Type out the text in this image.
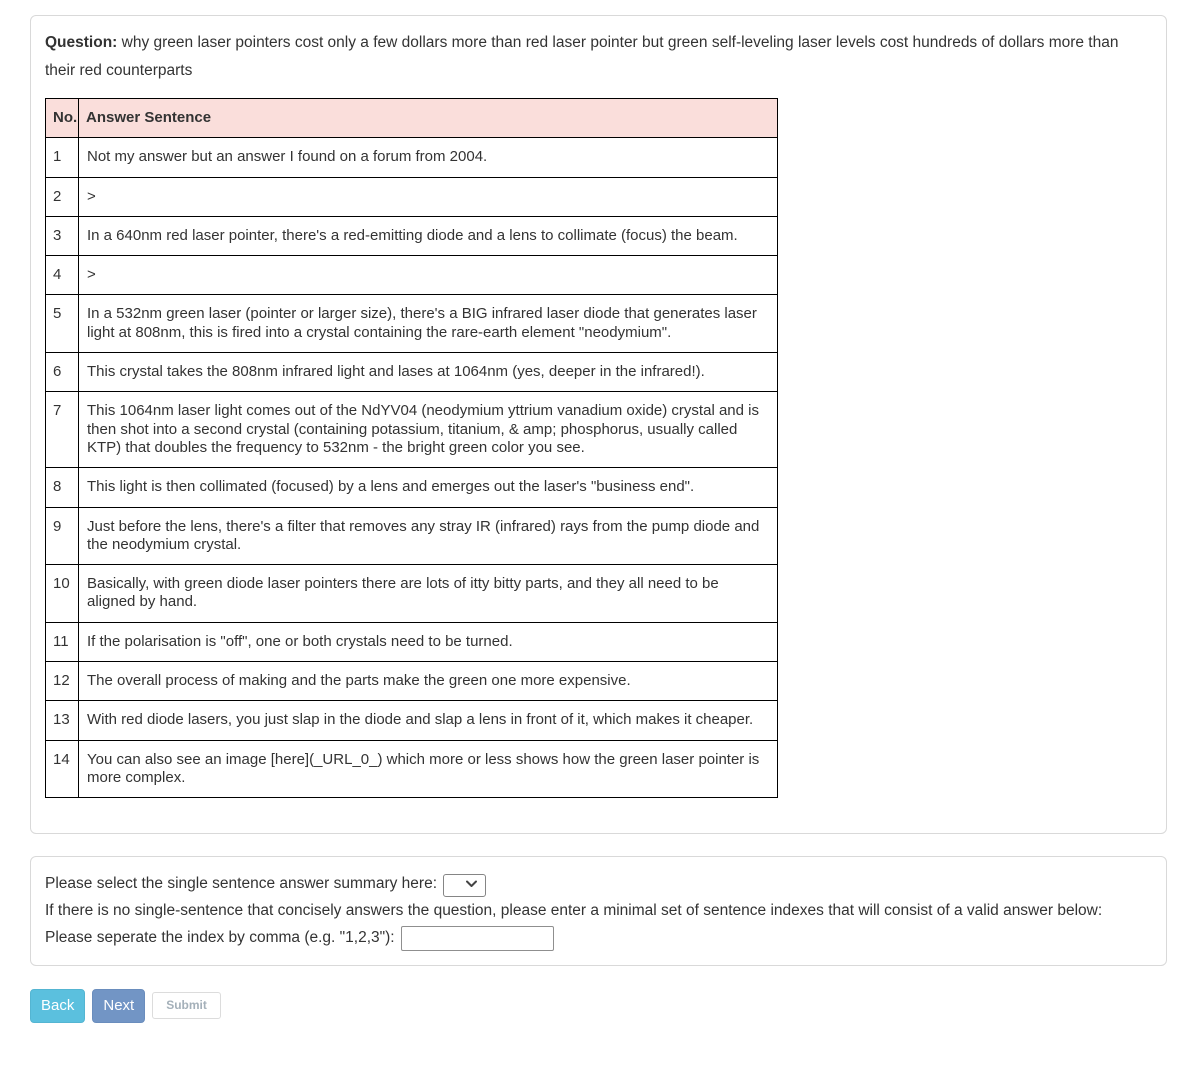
Question: why green laser pointers cost only a few dollars more than red laser pointer but green self-leveling laser levels cost hundreds of dollars more than their red counterparts

No.	Answer Sentence
1	Not my answer but an answer I found on a forum from 2004.
2	>
3	In a 640nm red laser pointer, there's a red-emitting diode and a lens to collimate (focus) the beam.
4	>
5	In a 532nm green laser (pointer or larger size), there's a BIG infrared laser diode that generates laser light at 808nm, this is fired into a crystal containing the rare-earth element "neodymium".
6	This crystal takes the 808nm infrared light and lases at 1064nm (yes, deeper in the infrared!).
7	This 1064nm laser light comes out of the NdYV04 (neodymium yttrium vanadium oxide) crystal and is then shot into a second crystal (containing potassium, titanium, & amp; phosphorus, usually called KTP) that doubles the frequency to 532nm - the bright green color you see.
8	This light is then collimated (focused) by a lens and emerges out the laser's "business end".
9	Just before the lens, there's a filter that removes any stray IR (infrared) rays from the pump diode and the neodymium crystal.
10	Basically, with green diode laser pointers there are lots of itty bitty parts, and they all need to be aligned by hand.
11	If the polarisation is "off", one or both crystals need to be turned.
12	The overall process of making and the parts make the green one more expensive.
13	With red diode lasers, you just slap in the diode and slap a lens in front of it, which makes it cheaper.
14	You can also see an image [here](_URL_0_) which more or less shows how the green laser pointer is more complex.
Please select the single sentence answer summary here:
If there is no single-sentence that concisely answers the question, please enter a minimal set of sentence indexes that will consist of a valid answer below:
Please seperate the index by comma (e.g. "1,2,3"):
Back	Next	Submit
